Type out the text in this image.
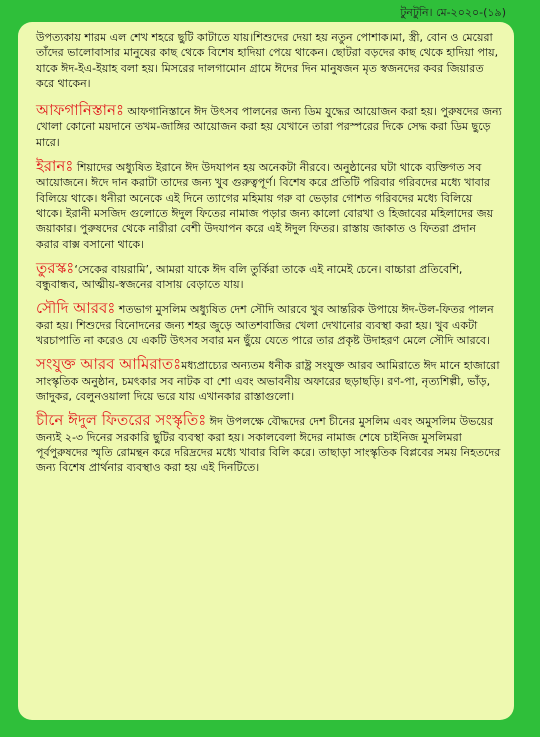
টুনটুনি। মে-২০২০-(১৯)
উপত্যকায় শারম এল শেখ শহরে ছুটি কাটাতে যায়।শিশুদের দেয়া হয় নতুন পোশাক।মা, স্ত্রী, বোন ও মেয়েরা তাঁদের ভালোবাসার মানুষের কাছ থেকে বিশেষ হাদিয়া পেয়ে থাকেন। ছোটরা বড়দের কাছ থেকে হাদিয়া পায়, যাকে ঈদ-ইএ-ইয়াহ বলা হয়। মিসরের দালগামোন গ্রামে ঈদের দিন মানুষজন মৃত স্বজনদের কবর জিয়ারত করে থাকেন।
আফগানিস্তানঃ আফগানিস্তানে ঈদ উৎসব পালনের জন্য ডিম যুদ্ধের আয়োজন করা হয়। পুরুষদের জন্য খোলা কোনো ময়দানে তখম-জাঙ্গির আয়োজন করা হয় যেখানে তারা পরস্পরের দিকে সেদ্ধ করা ডিম ছুড়ে মারে।
ইরানঃ শিয়াদের অধ্যুষিত ইরানে ঈদ উদযাপন হয় অনেকটা নীরবে। অনুষ্ঠানের ঘটা থাকে ব্যক্তিগত সব আয়োজনে। ঈদে দান করাটা তাদের জন্য খুব গুরুত্বপূর্ণ। বিশেষ করে প্রতিটি পরিবার গরিবদের মধ্যে খাবার বিলিয়ে থাকে। ধনীরা অনেকে এই দিনে ত্যাগের মহিমায় গরু বা ভেড়ার গোশত গরিবদের মধ্যে বিলিয়ে থাকে। ইরানী মসজিদ গুলোতে ঈদুল ফিতের নামাজ পড়ার জন্য কালো বোরখা ও হিজাবের মহিলাদের জয় জয়াকার। পুরুষদের থেকে নারীরা বেশী উদযাপন করে এই ঈদুল ফিতর। রাস্তায় জাকাত ও ফিতরা প্রদান করার বাক্স বসানো থাকে।
তুরস্কঃ‘সেকের বায়রামি’, আমরা যাকে ঈদ বলি তুর্কিরা তাকে এই নামেই চেনে। বাচ্চারা প্রতিবেশি, বন্ধুবান্ধব, আত্মীয়-স্বজনের বাসায় বেড়াতে যায়।
সৌদি আরবঃ শতভাগ মুসলিম অধ্যুষিত দেশ সৌদি আরবে খুব আন্তরিক উপায়ে ঈদ-উল-ফিতর পালন করা হয়। শিশুদের বিনোদনের জন্য শহর জুড়ে আতশবাজির খেলা দেখানোর ব্যবস্থা করা হয়। খুব একটা খরচাপাতি না করেও যে একটি উৎসব সবার মন ছুঁয়ে যেতে পারে তার প্রকৃষ্ট উদাহরণ মেলে সৌদি আরবে।
সংযুক্ত আরব আমিরাতঃমধ্যপ্রাচ্যের অন্যতম ধনীক রাষ্ট্র সংযুক্ত আরব আমিরাতে ঈদ মানে হাজারো সাংস্কৃতিক অনুষ্ঠান, চমৎকার সব নাটক বা শো এবং অভাবনীয় অফারের ছড়াছড়ি। রণ-পা, নৃত্যশিল্পী, ভাঁড়, জাদুকর, বেলুনওয়ালা দিয়ে ভরে যায় এখানকার রাস্তাগুলো।
চীনে ঈদুল ফিতরের সংস্কৃতিঃ ঈদ উপলক্ষে বৌদ্ধদের দেশ চীনের মুসলিম এবং অমুসলিম উভয়ের জন্যই ২-৩ দিনের সরকারি ছুটির ব্যবস্থা করা হয়। সকালবেলা ঈদের নামাজ শেষে চাইনিজ মুসলিমরা পূর্বপুরুষদের স্মৃতি রোমন্থন করে দরিদ্রদের মধ্যে খাবার বিলি করে। তাছাড়া সাংস্কৃতিক বিপ্লবের সময় নিহতদের জন্য বিশেষ প্রার্থনার ব্যবস্থাও করা হয় এই দিনটিতে।
